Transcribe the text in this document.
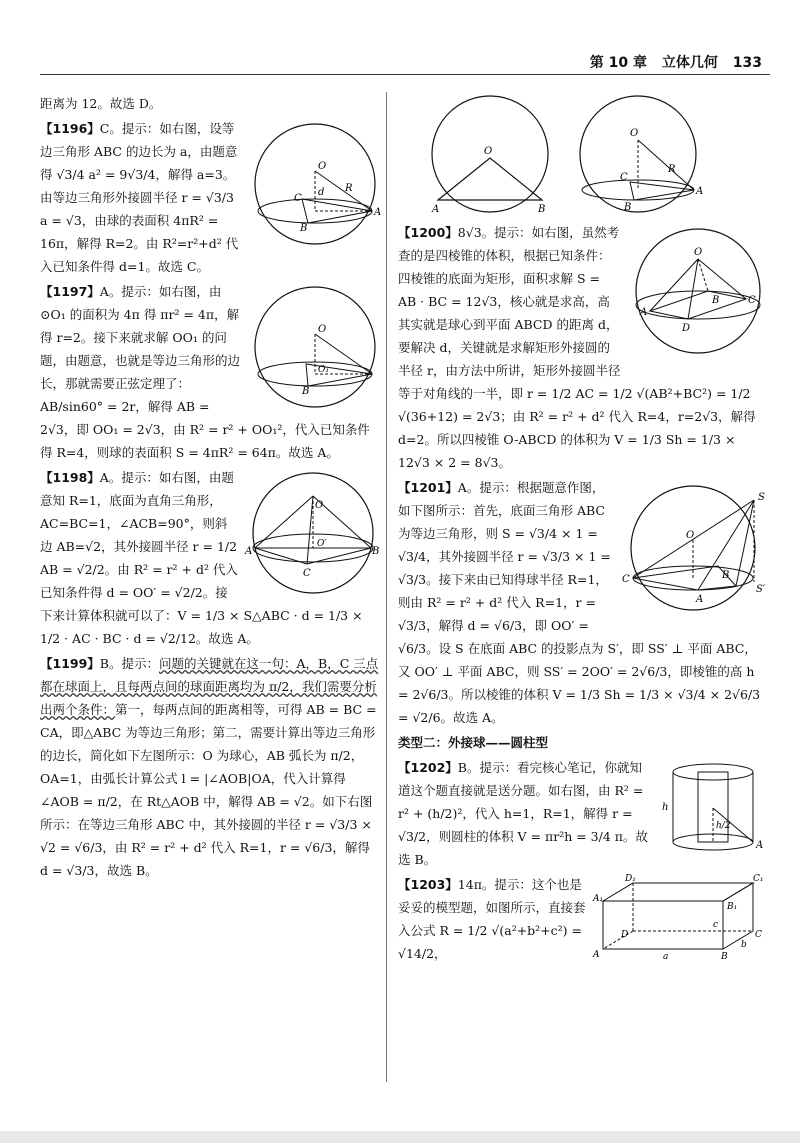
第 10 章 立体几何 133
距离为 12。故选 D。
O
R
d
C
A
B
【1196】C。提示：如右图，设等边三角形 ABC 的边长为 a，由题意得 √3/4 a² = 9√3/4，解得 a=3。由等边三角形外接圆半径 r = √3/3 a = √3，由球的表面积 4πR² = 16π，解得 R=2。由 R²=r²+d² 代入已知条件得 d=1。故选 C。
O
O₁
B
【1197】A。提示：如右图，由⊙O₁ 的面积为 4π 得 πr² = 4π，解得 r=2。接下来就求解 OO₁ 的问题，由题意，也就是等边三角形的边长，那就需要正弦定理了：AB/sin60° = 2r，解得 AB = 2√3，即 OO₁ = 2√3，由 R² = r² + OO₁²，代入已知条件得 R=4，则球的表面积 S = 4πR² = 64π。故选 A。
O
A	B
C
O′
【1198】A。提示：如右图，由题意知 R=1，底面为直角三角形，AC=BC=1，∠ACB=90°，则斜边 AB=√2，其外接圆半径 r = 1/2 AB = √2/2。由 R² = r² + d² 代入已知条件得 d = OO′ = √2/2。接下来计算体积就可以了：V = 1/3 × S△ABC · d = 1/3 × 1/2 · AC · BC · d = √2/12。故选 A。
【1199】B。提示：问题的关键就在这一句：A，B，C 三点都在球面上，且每两点间的球面距离均为 π/2，我们需要分析出两个条件：第一，每两点间的距离相等，可得 AB = BC = CA，即△ABC 为等边三角形；第二，需要计算出等边三角形的边长，简化如下左图所示：O 为球心，AB 弧长为 π/2，OA=1，由弧长计算公式 l = |∠AOB|OA，代入计算得 ∠AOB = π/2，在 Rt△AOB 中，解得 AB = √2。如下右图所示：在等边三角形 ABC 中，其外接圆的半径 r = √3/3 × √2 = √6/3，由 R² = r² + d² 代入 R=1，r = √6/3，解得 d = √3/3，故选 B。
O
A	B
O
R
C
B
A
O
A
D
B	C
【1200】8√3。提示：如右图，虽然考查的是四棱锥的体积，根据已知条件：四棱锥的底面为矩形，面积求解 S = AB · BC = 12√3，核心就是求高，高其实就是球心到平面 ABCD 的距离 d，要解决 d，关键就是求解矩形外接圆的半径 r，由方法中所讲，矩形外接圆半径等于对角线的一半，即 r = 1/2 AC = 1/2 √(AB²+BC²) = 1/2 √(36+12) = 2√3；由 R² = r² + d² 代入 R=4，r=2√3，解得 d=2。所以四棱锥 O-ABCD 的体积为 V = 1/3 Sh = 1/3 × 12√3 × 2 = 8√3。
S
O
C	B
A
S′
【1201】A。提示：根据题意作图，如下图所示：首先，底面三角形 ABC 为等边三角形，则 S = √3/4 × 1 = √3/4，其外接圆半径 r = √3/3 × 1 = √3/3。接下来由已知得球半径 R=1，则由 R² = r² + d² 代入 R=1，r = √3/3，解得 d = √6/3，即 OO′ = √6/3。设 S 在底面 ABC 的投影点为 S′，即 SS′ ⊥ 平面 ABC，又 OO′ ⊥ 平面 ABC，则 SS′ = 2OO′ = 2√6/3，即棱锥的高 h = 2√6/3。所以棱锥的体积 V = 1/3 Sh = 1/3 × √3/4 × 2√6/3 = √2/6。故选 A。
类型二：外接球——圆柱型
h
h/2
A
【1202】B。提示：看完核心笔记，你就知道这个题直接就是送分题。如右图，由 R² = r² + (h/2)²，代入 h=1，R=1，解得 r = √3/2，则圆柱的体积 V = πr²h = 3/4 π。故选 B。
D₁	C₁
A₁
B₁
A	B
C
D
a
b
c
【1203】14π。提示：这个也是妥妥的模型题，如图所示，直接套入公式 R = 1/2 √(a²+b²+c²) = √14/2，
